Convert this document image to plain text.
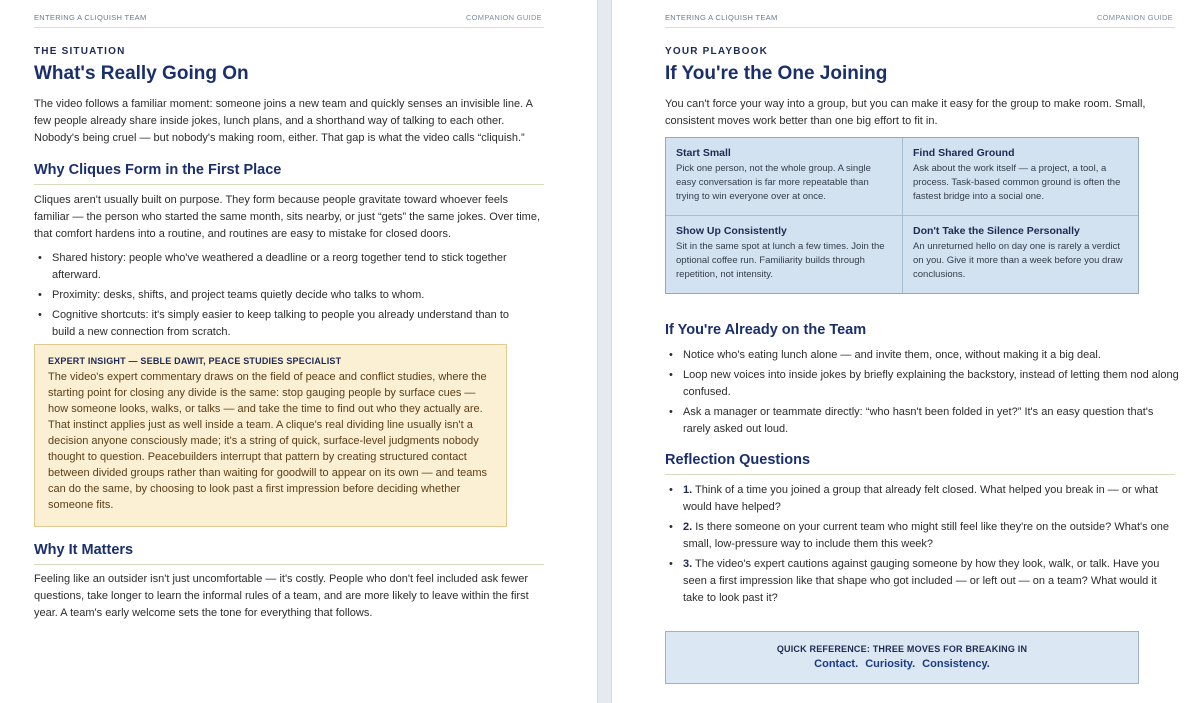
ENTERING A CLIQUISH TEAM	COMPANION GUIDE
THE SITUATION
What's Really Going On

The video follows a familiar moment: someone joins a new team and quickly senses an invisible line. A few people already share inside jokes, lunch plans, and a shorthand way of talking to each other. Nobody's being cruel — but nobody's making room, either. That gap is what the video calls “cliquish.”

Why Cliques Form in the First Place

Cliques aren't usually built on purpose. They form because people gravitate toward whoever feels familiar — the person who started the same month, sits nearby, or just “gets” the same jokes. Over time, that comfort hardens into a routine, and routines are easy to mistake for closed doors.

• Shared history: people who've weathered a deadline or a reorg together tend to stick together afterward.
• Proximity: desks, shifts, and project teams quietly decide who talks to whom.
• Cognitive shortcuts: it's simply easier to keep talking to people you already understand than to build a new connection from scratch.
EXPERT INSIGHT — SEBLE DAWIT, PEACE STUDIES SPECIALIST
The video's expert commentary draws on the field of peace and conflict studies, where the starting point for closing any divide is the same: stop gauging people by surface cues — how someone looks, walks, or talks — and take the time to find out who they actually are. That instinct applies just as well inside a team. A clique's real dividing line usually isn't a decision anyone consciously made; it's a string of quick, surface-level judgments nobody thought to question. Peacebuilders interrupt that pattern by creating structured contact between divided groups rather than waiting for goodwill to appear on its own — and teams can do the same, by choosing to look past a first impression before deciding whether someone fits.
Why It Matters

Feeling like an outsider isn't just uncomfortable — it's costly. People who don't feel included ask fewer questions, take longer to learn the informal rules of a team, and are more likely to leave within the first year. A team's early welcome sets the tone for everything that follows.

ENTERING A CLIQUISH TEAM	COMPANION GUIDE
YOUR PLAYBOOK
If You're the One Joining

You can't force your way into a group, but you can make it easy for the group to make room. Small, consistent moves work better than one big effort to fit in.

If You're Already on the Team
• Notice who's eating lunch alone — and invite them, once, without making it a big deal.
• Loop new voices into inside jokes by briefly explaining the backstory, instead of letting them nod along confused.
• Ask a manager or teammate directly: “who hasn't been folded in yet?” It's an easy question that's rarely asked out loud.
Reflection Questions
• 1. Think of a time you joined a group that already felt closed. What helped you break in — or what would have helped?
• 2. Is there someone on your current team who might still feel like they're on the outside? What's one small, low-pressure way to include them this week?
• 3. The video's expert cautions against gauging someone by how they look, walk, or talk. Have you seen a first impression like that shape who got included — or left out — on a team? What would it take to look past it?
Start Small
Pick one person, not the whole group. A single easy conversation is far more repeatable than trying to win everyone over at once.
Find Shared Ground
Ask about the work itself — a project, a tool, a process. Task-based common ground is often the fastest bridge into a social one.
Show Up Consistently
Sit in the same spot at lunch a few times. Join the optional coffee run. Familiarity builds through repetition, not intensity.
Don't Take the Silence Personally
An unreturned hello on day one is rarely a verdict on you. Give it more than a week before you draw conclusions.
QUICK REFERENCE: THREE MOVES FOR BREAKING IN
Contact. Curiosity. Consistency.
